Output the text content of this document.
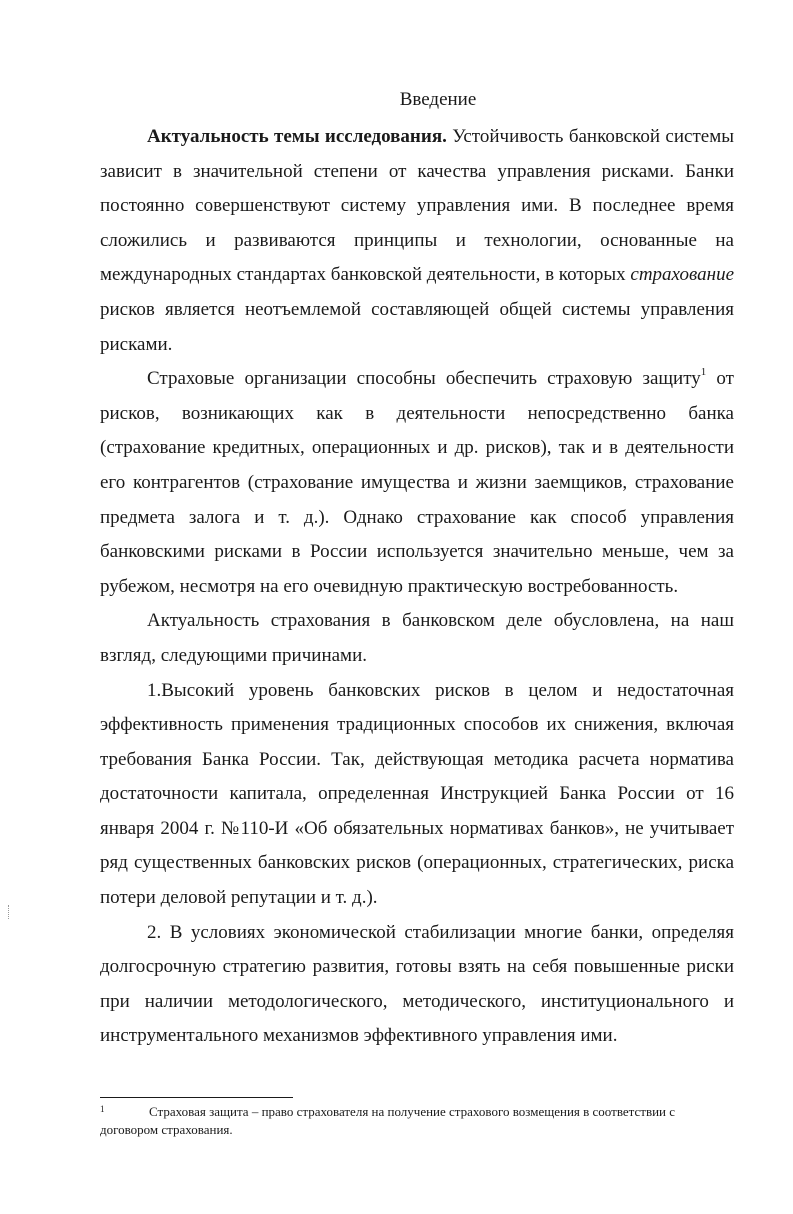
Введение

Актуальность темы исследования. Устойчивость банковской системы зависит в значительной степени от качества управления рисками. Банки постоянно совершенствуют систему управления ими. В последнее время сложились и развиваются принципы и технологии, основанные на международных стандартах банковской деятельности, в которых страхование рисков является неотъемлемой составляющей общей системы управления рисками.

Страховые организации способны обеспечить страховую защиту$^1$ от рисков, возникающих как в деятельности непосредственно банка (страхование кредитных, операционных и др. рисков), так и в деятельности его контрагентов (страхование имущества и жизни заемщиков, страхование предмета залога и т. д.). Однако страхование как способ управления банковскими рисками в России используется значительно меньше, чем за рубежом, несмотря на его очевидную практическую востребованность.

Актуальность страхования в банковском деле обусловлена, на наш взгляд, следующими причинами.

1.Высокий уровень банковских рисков в целом и недостаточная эффективность применения традиционных способов их снижения, включая требования Банка России. Так, действующая методика расчета норматива достаточности капитала, определенная Инструкцией Банка России от 16 января 2004 г. №110-И «Об обязательных нормативах банков», не учитывает ряд существенных банковских рисков (операционных, стратегических, риска потери деловой репутации и т. д.).

2. В условиях экономической стабилизации многие банки, определяя долгосрочную стратегию развития, готовы взять на себя повышенные риски при наличии методологического, методического, институционального и инструментального механизмов эффективного управления ими.

1	Страховая защита – право страхователя на получение страхового возмещения в соответствии с
договором страхования.
